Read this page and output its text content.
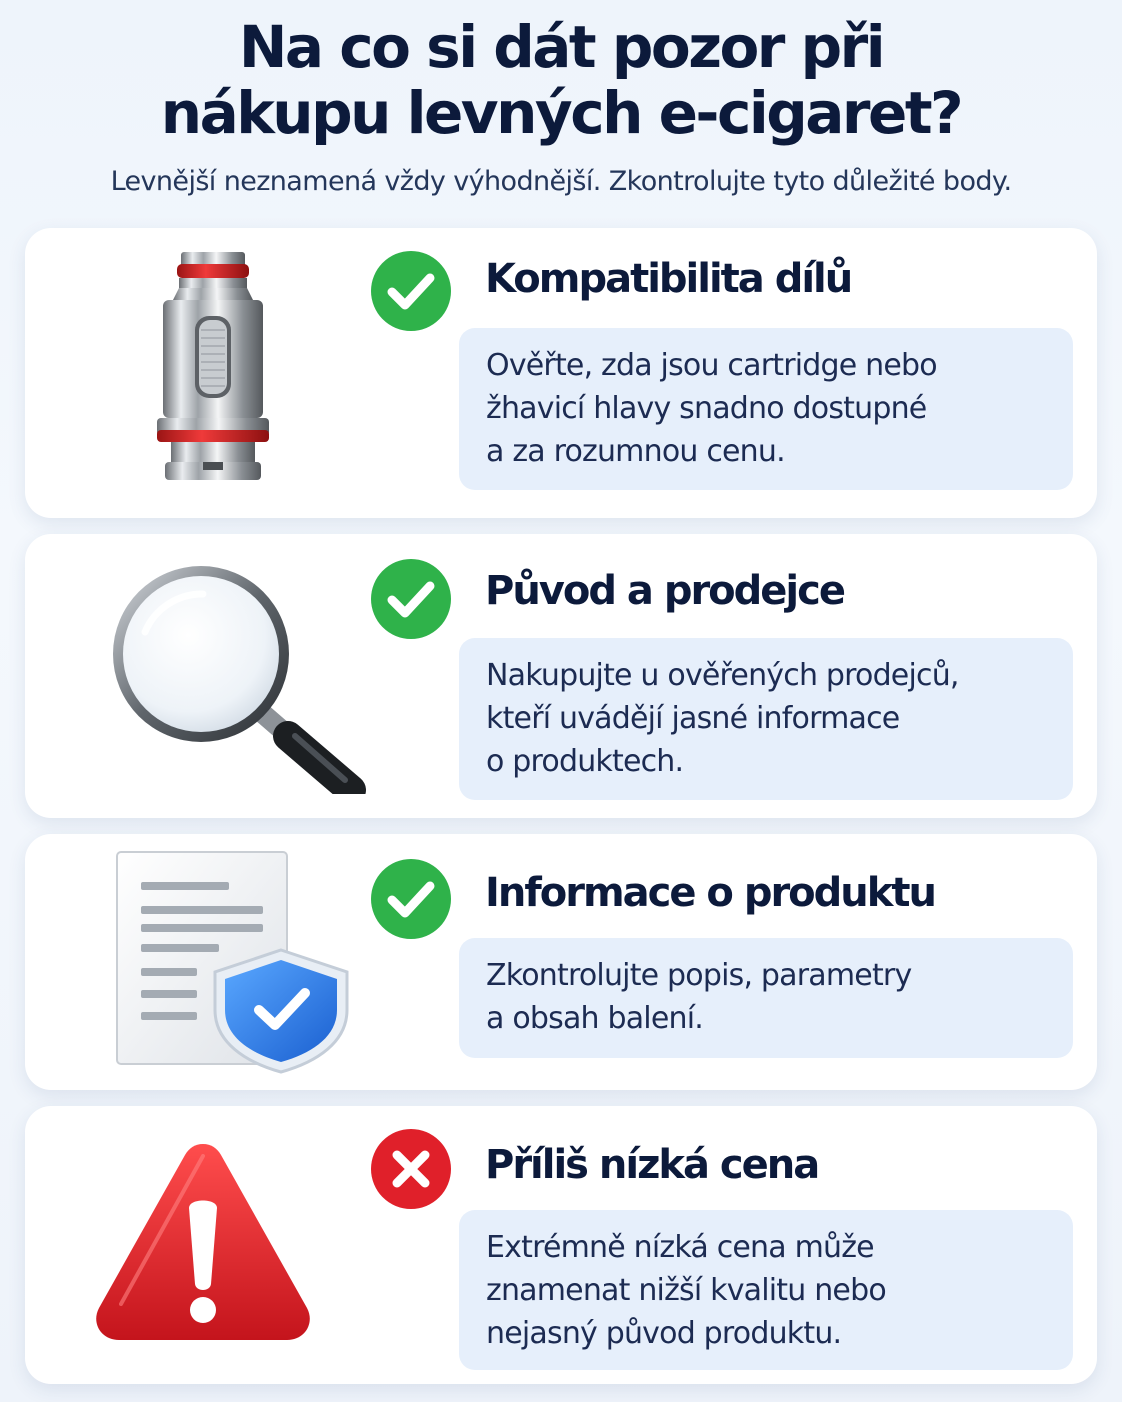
Na co si dát pozor při
nákupu levných e-cigaret?

Levnější neznamená vždy výhodnější. Zkontrolujte tyto důležité body.

Kompatibilita dílů

Ověřte, zda jsou cartridge nebo
žhavicí hlavy snadno dostupné
a za rozumnou cenu.

Původ a prodejce

Nakupujte u ověřených prodejců,
kteří uvádějí jasné informace
o produktech.

Informace o produktu

Zkontrolujte popis, parametry
a obsah balení.

Příliš nízká cena

Extrémně nízká cena může
znamenat nižší kvalitu nebo
nejasný původ produktu.
